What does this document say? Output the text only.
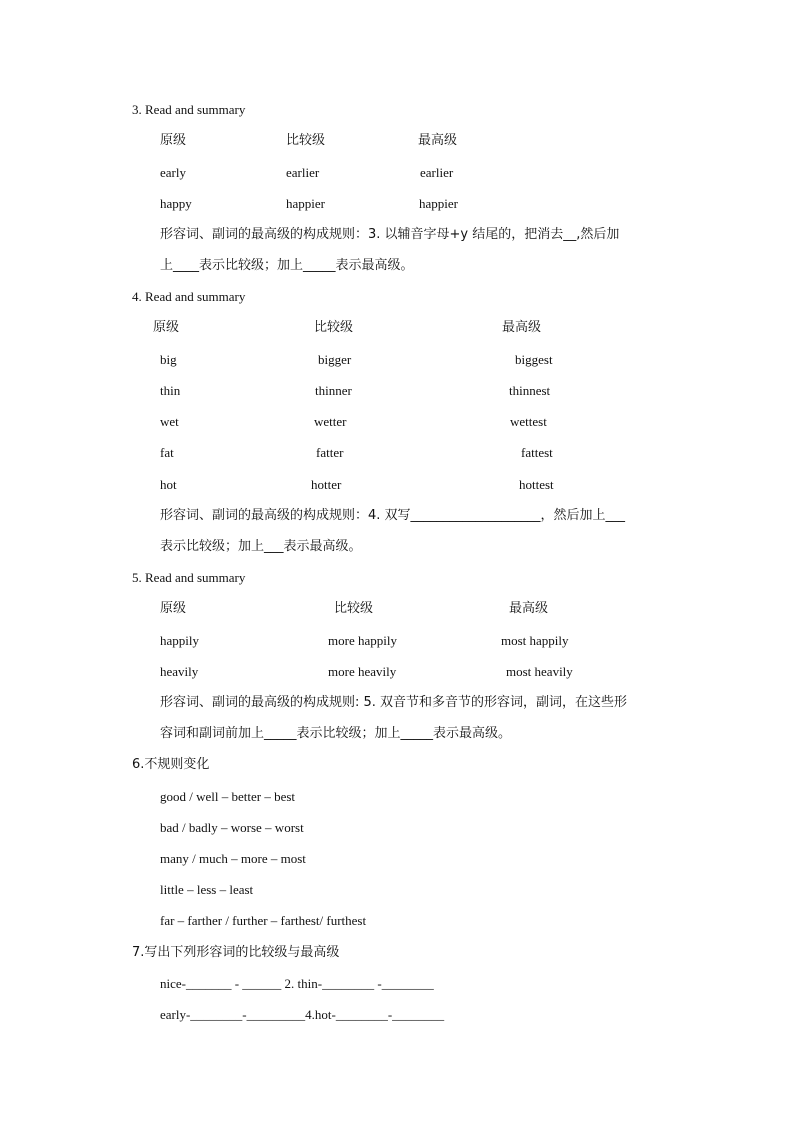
3. Read and summary
原级	比较级	最高级
early	earlier	earlier
happy	happier	happier
形容词、副词的最高级的构成规则：3. 以辅音字母+y 结尾的，把消去__,然后加
上____表示比较级；加上_____表示最高级。
4. Read and summary
原级	比较级	最高级
big	bigger	biggest
thin	thinner	thinnest
wet	wetter	wettest
fat	fatter	fattest
hot	hotter	hottest
形容词、副词的最高级的构成规则：4. 双写____________________，然后加上___
表示比较级；加上___表示最高级。
5. Read and summary
原级	比较级	最高级
happily	more happily	most happily
heavily	more heavily	most heavily
形容词、副词的最高级的构成规则: 5. 双音节和多音节的形容词，副词，在这些形
容词和副词前加上_____表示比较级；加上_____表示最高级。
6.不规则变化
good / well – better – best
bad / badly – worse – worst
many / much – more – most
little – less – least
far – farther / further – farthest/ furthest
7.写出下列形容词的比较级与最高级
nice-_______ - ______ 2. thin-________ -________
early-________-_________4.hot-________-________
